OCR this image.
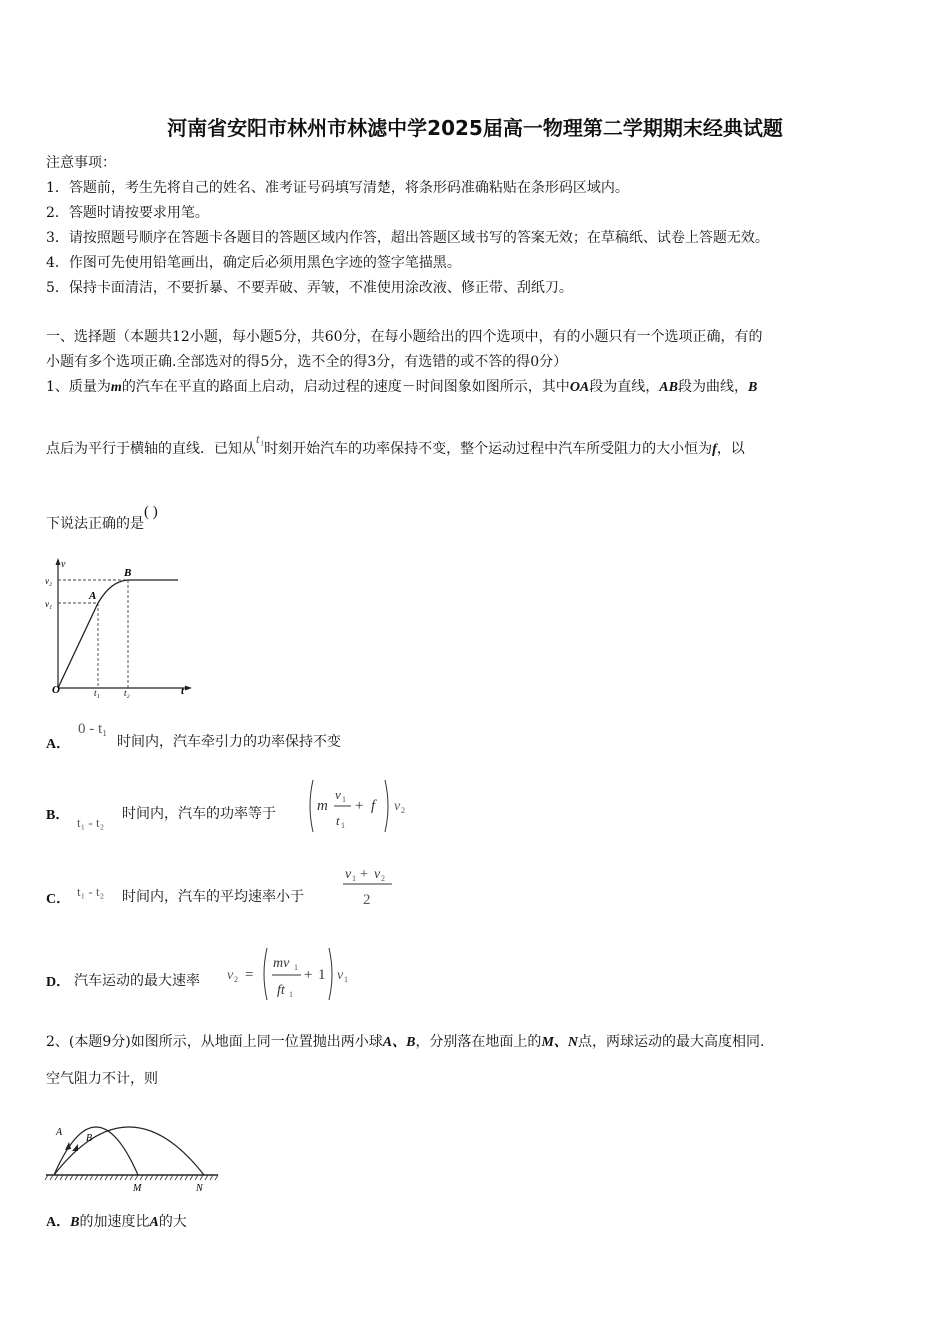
河南省安阳市林州市林滤中学2025届高一物理第二学期期末经典试题
注意事项：
1．答题前，考生先将自己的姓名、准考证号码填写清楚，将条形码准确粘贴在条形码区域内。
2．答题时请按要求用笔。
3．请按照题号顺序在答题卡各题目的答题区域内作答，超出答题区域书写的答案无效；在草稿纸、试卷上答题无效。
4．作图可先使用铅笔画出，确定后必须用黑色字迹的签字笔描黑。
5．保持卡面清洁，不要折暴、不要弄破、弄皱，不准使用涂改液、修正带、刮纸刀。
一、选择题（本题共12小题，每小题5分，共60分，在每小题给出的四个选项中，有的小题只有一个选项正确，有的
小题有多个选项正确.全部选对的得5分，选不全的得3分，有选错的或不答的得0分）
1、质量为m的汽车在平直的路面上启动，启动过程的速度－时间图象如图所示，其中OA段为直线，AB段为曲线，B
点后为平行于横轴的直线．已知从t₁时刻开始汽车的功率保持不变，整个运动过程中汽车所受阻力的大小恒为f，以
下说法正确的是( )
v
t
O
v₁
v₂
t₁	t₂
A
B
A．
0 - t₁
时间内，汽车牵引力的功率保持不变
B． t₁ - t₂
时间内，汽车的功率等于	m
v 1
t 1
+ f v 2
C．
t₁ - t₂ 时间内，汽车的平均速率小于
v 1 + v 2
2
D． 汽车运动的最大速率 v 2 =
mv 1
ft 1
+ 1 v 1
2、(本题9分)如图所示，从地面上同一位置抛出两小球A、B，分别落在地面上的M、N点，两球运动的最大高度相同.
空气阻力不计，则
A
B
M	N
A．B的加速度比A的大
